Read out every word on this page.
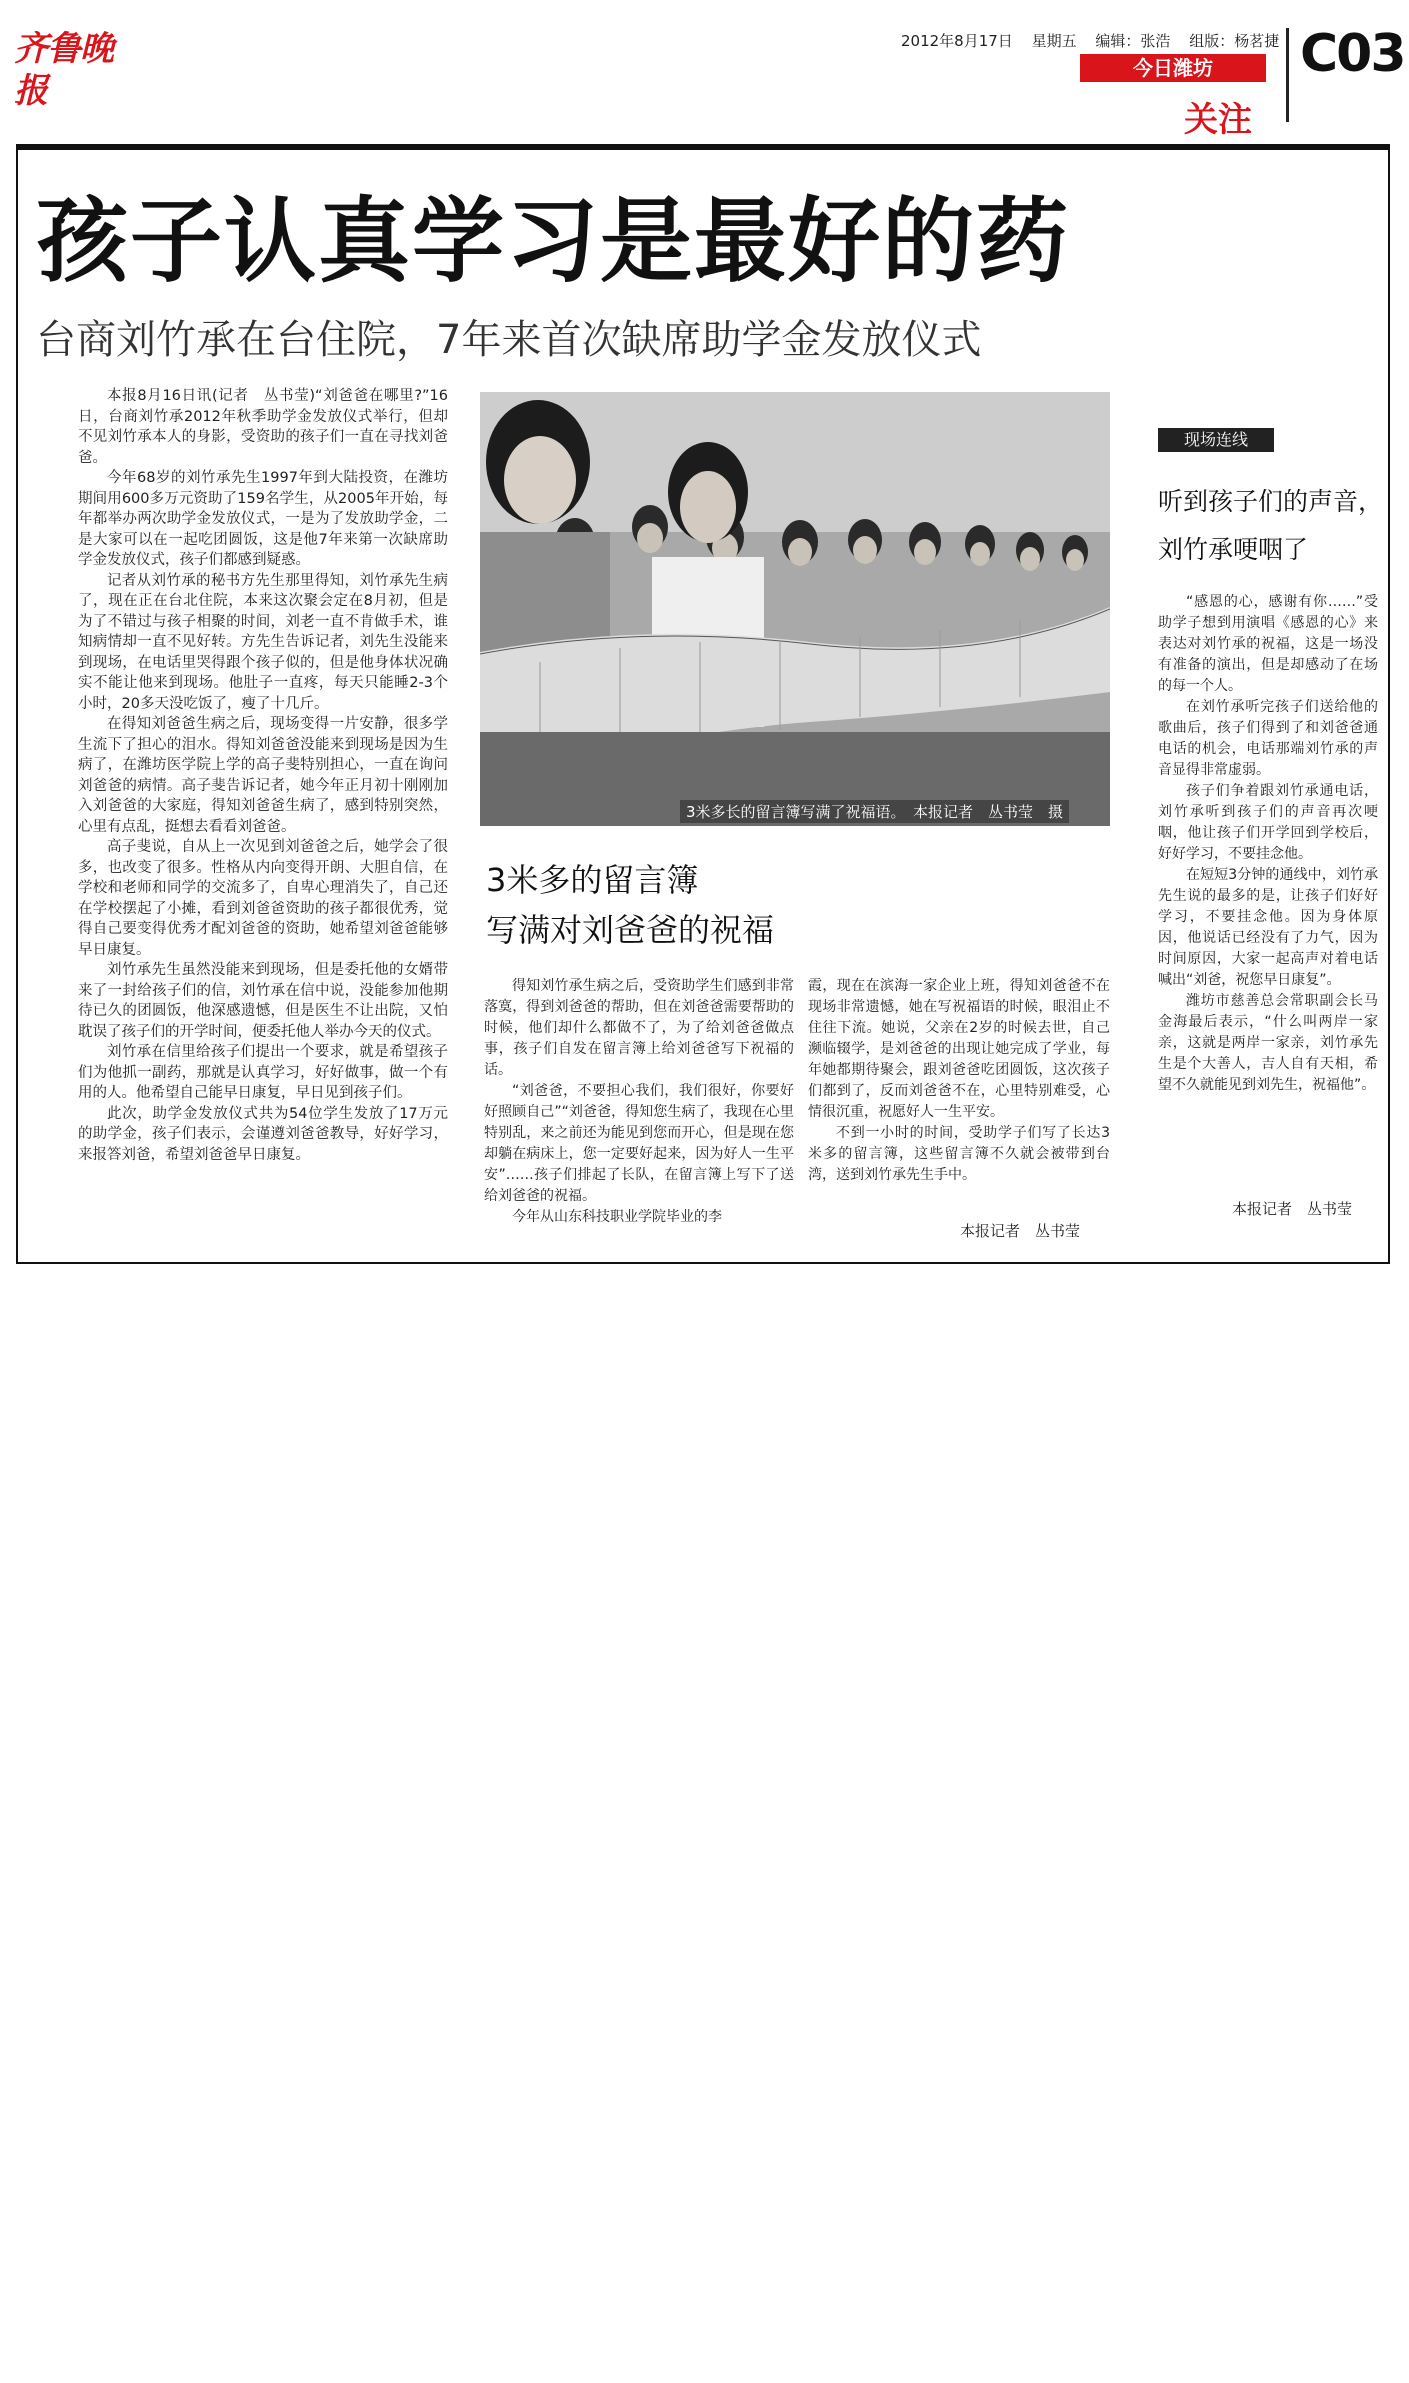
齐鲁晚报
2012年8月17日 星期五 编辑：张浩 组版：杨茗捷
今日潍坊
关注
C03
孩子认真学习是最好的药
台商刘竹承在台住院，7年来首次缺席助学金发放仪式

本报8月16日讯(记者　丛书莹)“刘爸爸在哪里?”16日，台商刘竹承2012年秋季助学金发放仪式举行，但却不见刘竹承本人的身影，受资助的孩子们一直在寻找刘爸爸。

今年68岁的刘竹承先生1997年到大陆投资，在潍坊期间用600多万元资助了159名学生，从2005年开始，每年都举办两次助学金发放仪式，一是为了发放助学金，二是大家可以在一起吃团圆饭，这是他7年来第一次缺席助学金发放仪式，孩子们都感到疑惑。

记者从刘竹承的秘书方先生那里得知，刘竹承先生病了，现在正在台北住院，本来这次聚会定在8月初，但是为了不错过与孩子相聚的时间，刘老一直不肯做手术，谁知病情却一直不见好转。方先生告诉记者，刘先生没能来到现场，在电话里哭得跟个孩子似的，但是他身体状况确实不能让他来到现场。他肚子一直疼，每天只能睡2-3个小时，20多天没吃饭了，瘦了十几斤。

在得知刘爸爸生病之后，现场变得一片安静，很多学生流下了担心的泪水。得知刘爸爸没能来到现场是因为生病了，在潍坊医学院上学的高子斐特别担心，一直在询问刘爸爸的病情。高子斐告诉记者，她今年正月初十刚刚加入刘爸爸的大家庭，得知刘爸爸生病了，感到特别突然，心里有点乱，挺想去看看刘爸爸。

高子斐说，自从上一次见到刘爸爸之后，她学会了很多，也改变了很多。性格从内向变得开朗、大胆自信，在学校和老师和同学的交流多了，自卑心理消失了，自己还在学校摆起了小摊，看到刘爸爸资助的孩子都很优秀，觉得自己要变得优秀才配刘爸爸的资助，她希望刘爸爸能够早日康复。

刘竹承先生虽然没能来到现场，但是委托他的女婿带来了一封给孩子们的信，刘竹承在信中说，没能参加他期待已久的团圆饭，他深感遗憾，但是医生不让出院，又怕耽误了孩子们的开学时间，便委托他人举办今天的仪式。

刘竹承在信里给孩子们提出一个要求，就是希望孩子们为他抓一副药，那就是认真学习，好好做事，做一个有用的人。他希望自己能早日康复，早日见到孩子们。

此次，助学金发放仪式共为54位学生发放了17万元的助学金，孩子们表示，会谨遵刘爸爸教导，好好学习，来报答刘爸，希望刘爸爸早日康复。

3米多长的留言簿写满了祝福语。　本报记者　丛书莹　摄
3米多的留言簿
写满对刘爸爸的祝福

得知刘竹承生病之后，受资助学生们感到非常落寞，得到刘爸爸的帮助，但在刘爸爸需要帮助的时候，他们却什么都做不了，为了给刘爸爸做点事，孩子们自发在留言簿上给刘爸爸写下祝福的话。

“刘爸爸，不要担心我们，我们很好，你要好好照顾自己”“刘爸爸，得知您生病了，我现在心里特别乱，来之前还为能见到您而开心，但是现在您却躺在病床上，您一定要好起来，因为好人一生平安”……孩子们排起了长队，在留言簿上写下了送给刘爸爸的祝福。

今年从山东科技职业学院毕业的李

霞，现在在滨海一家企业上班，得知刘爸爸不在现场非常遗憾，她在写祝福语的时候，眼泪止不住往下流。她说，父亲在2岁的时候去世，自己濒临辍学，是刘爸爸的出现让她完成了学业，每年她都期待聚会，跟刘爸爸吃团圆饭，这次孩子们都到了，反而刘爸爸不在，心里特别难受，心情很沉重，祝愿好人一生平安。

不到一小时的时间，受助学子们写了长达3米多的留言簿，这些留言簿不久就会被带到台湾，送到刘竹承先生手中。

本报记者　丛书莹
现场连线
听到孩子们的声音，
刘竹承哽咽了

“感恩的心，感谢有你……”受助学子想到用演唱《感恩的心》来表达对刘竹承的祝福，这是一场没有准备的演出，但是却感动了在场的每一个人。

在刘竹承听完孩子们送给他的歌曲后，孩子们得到了和刘爸爸通电话的机会，电话那端刘竹承的声音显得非常虚弱。

孩子们争着跟刘竹承通电话，刘竹承听到孩子们的声音再次哽咽，他让孩子们开学回到学校后，好好学习，不要挂念他。

在短短3分钟的通线中，刘竹承先生说的最多的是，让孩子们好好学习，不要挂念他。因为身体原因，他说话已经没有了力气，因为时间原因，大家一起高声对着电话喊出“刘爸，祝您早日康复”。

潍坊市慈善总会常职副会长马金海最后表示，“什么叫两岸一家亲，这就是两岸一家亲，刘竹承先生是个大善人，吉人自有天相，希望不久就能见到刘先生，祝福他”。

本报记者　丛书莹
